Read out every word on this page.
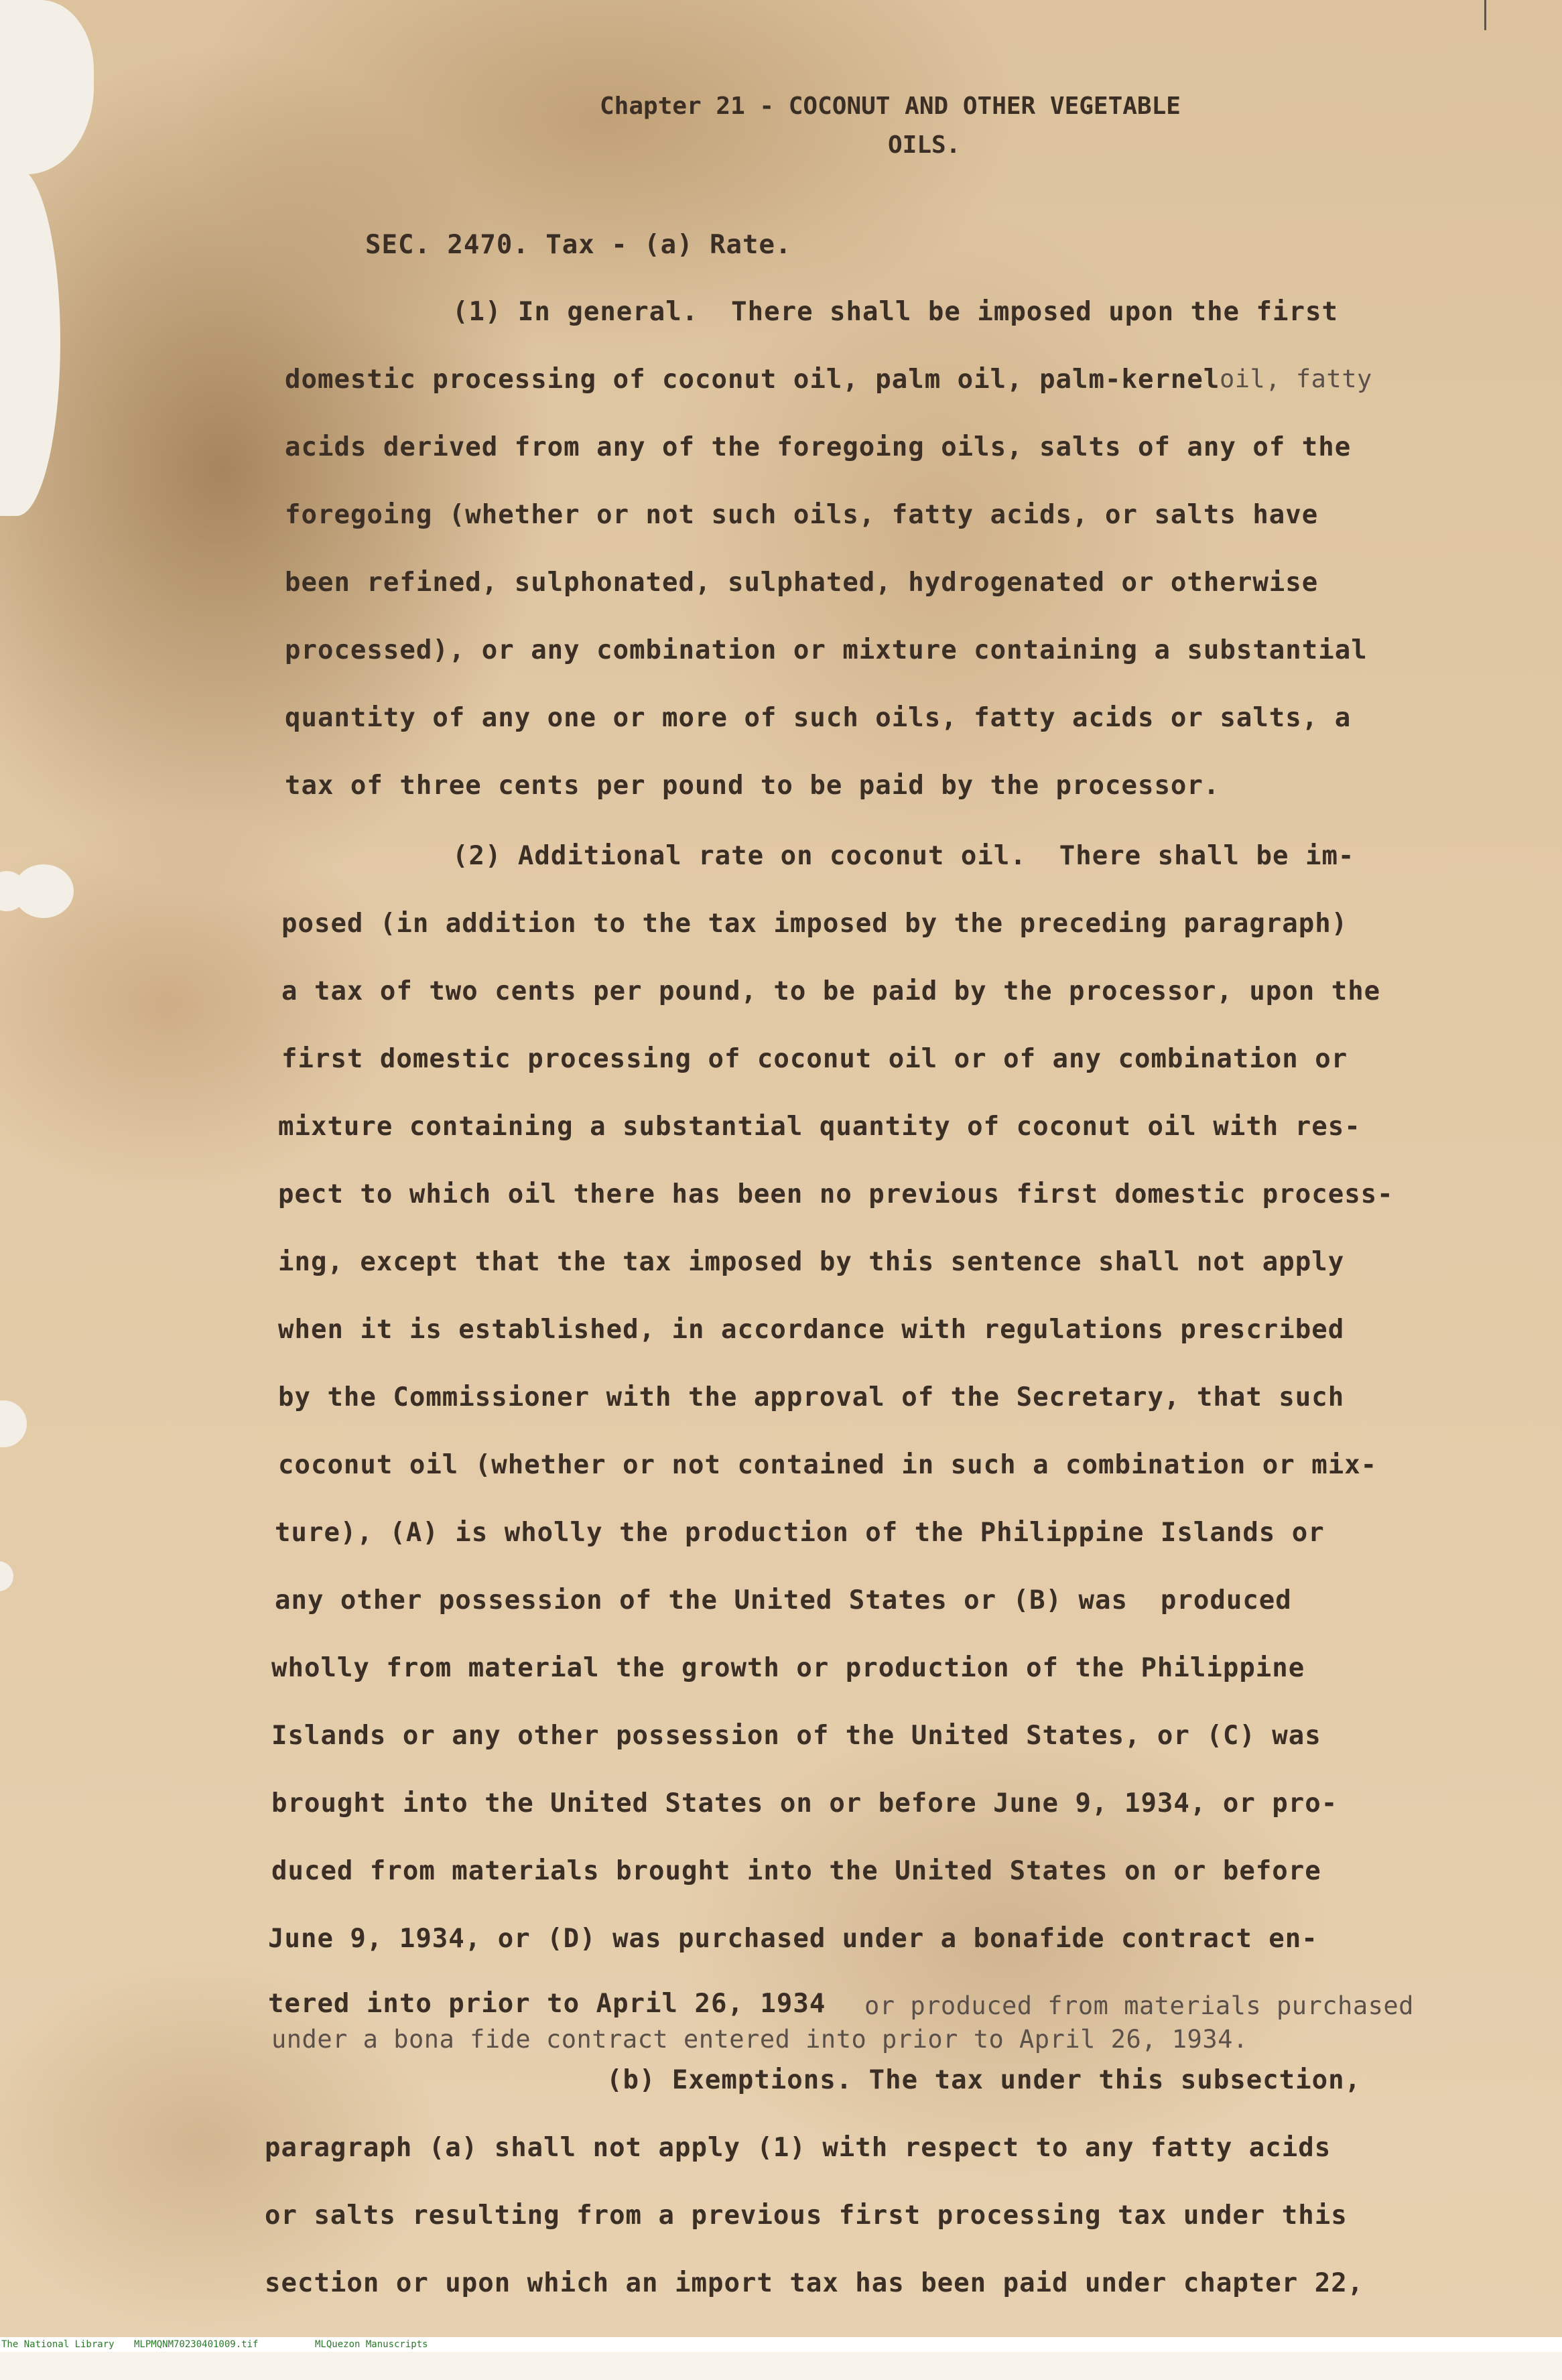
Chapter 21 - COCONUT AND OTHER VEGETABLE
OILS.
SEC. 2470. Tax - (a) Rate.
(1) In general.  There shall be imposed upon the first
domestic processing of coconut oil, palm oil, palm-kernel oil, fatty
acids derived from any of the foregoing oils, salts of any of the
foregoing (whether or not such oils, fatty acids, or salts have
been refined, sulphonated, sulphated, hydrogenated or otherwise
processed), or any combination or mixture containing a substantial
quantity of any one or more of such oils, fatty acids or salts, a
tax of three cents per pound to be paid by the processor.
(2) Additional rate on coconut oil.  There shall be im-
posed (in addition to the tax imposed by the preceding paragraph)
a tax of two cents per pound, to be paid by the processor, upon the
first domestic processing of coconut oil or of any combination or
mixture containing a substantial quantity of coconut oil with res-
pect to which oil there has been no previous first domestic process-
ing, except that the tax imposed by this sentence shall not apply
when it is established, in accordance with regulations prescribed
by the Commissioner with the approval of the Secretary, that such
coconut oil (whether or not contained in such a combination or mix-
ture), (A) is wholly the production of the Philippine Islands or
any other possession of the United States or (B) was  produced
wholly from material the growth or production of the Philippine
Islands or any other possession of the United States, or (C) was
brought into the United States on or before June 9, 1934, or pro-
duced from materials brought into the United States on or before
June 9, 1934, or (D) was purchased under a bonafide contract en-
tered into prior to April 26, 1934 or produced from materials purchased
under a bona fide contract entered into prior to April 26, 1934.
(b) Exemptions. The tax under this subsection,
paragraph (a) shall not apply (1) with respect to any fatty acids
or salts resulting from a previous first processing tax under this
section or upon which an import tax has been paid under chapter 22,

The National Library

MLPMQNM70230401009.tif

	MLQuezon Manuscripts
